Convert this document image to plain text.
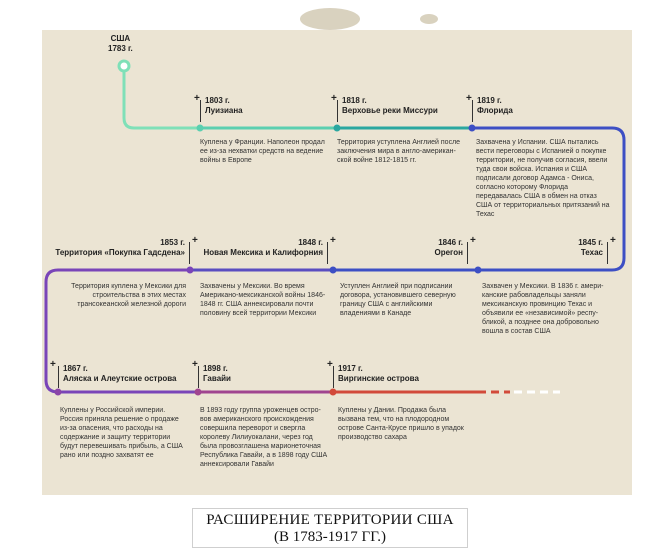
США
1783 г.
+ 1803 г.
Луизиана
Куплена у Франции. Наполеон продал ее из-за нехватки средств на ведение войны в Европе
+ 1818 г.
Верховье реки Миссури
Территория уступлена Англией после заключения мира в англо-американ-ской войне 1812-1815 гг.
+ 1819 г.
Флорида
Захвачена у Испании. США пытались вести переговоры с Испанией о покупке территории, не получив согласия, ввели туда свои войска. Испания и США подписали договор Адамса - Ониса, согласно которому Флорида передавалась США в обмен на отказ США от территориальных притязаний на Техас
+
1845 г.
Техас
Захвачен у Мексики. В 1836 г. амери-канские рабовладельцы заняли мексиканскую провинцию Техас и объявили ее «независимой» респу-бликой, а позднее она добровольно вошла в состав США
+
1846 г.
Орегон
Уступлен Англией при подписании договора, установившего северную границу США с английскими владениями в Канаде
+
1848 г.
Новая Мексика и Калифорния
Захвачены у Мексики. Во время Американо-мексиканской войны 1846-1848 гг. США аннексировали почти половину всей территории Мексики
+
1853 г.
Территория «Покупка Гадсдена»
Территория куплена у Мексики для строительства в этих местах трансокеанской железной дороги
+ 1867 г.
Аляска и Алеутские острова
Куплены у Российской империи. Россия приняла решение о продаже из-за опасения, что расходы на содержание и защиту территории будут перевешивать прибыль, а США рано или поздно захватят ее
+ 1898 г.
Гавайи
В 1893 году группа уроженцев остро-вов американского происхождения совершила переворот и свергла королеву Лилиуокалани, через год была провозглашена марионеточная Республика Гавайи, а в 1898 году США аннексировали Гавайи
+ 1917 г.
Виргинские острова
Куплены у Дании. Продажа была вызвана тем, что на плодородном острове Санта-Крусе пришло в упадок производство сахара
РАСШИРЕНИЕ ТЕРРИТОРИИ США
(В 1783-1917 ГГ.)
